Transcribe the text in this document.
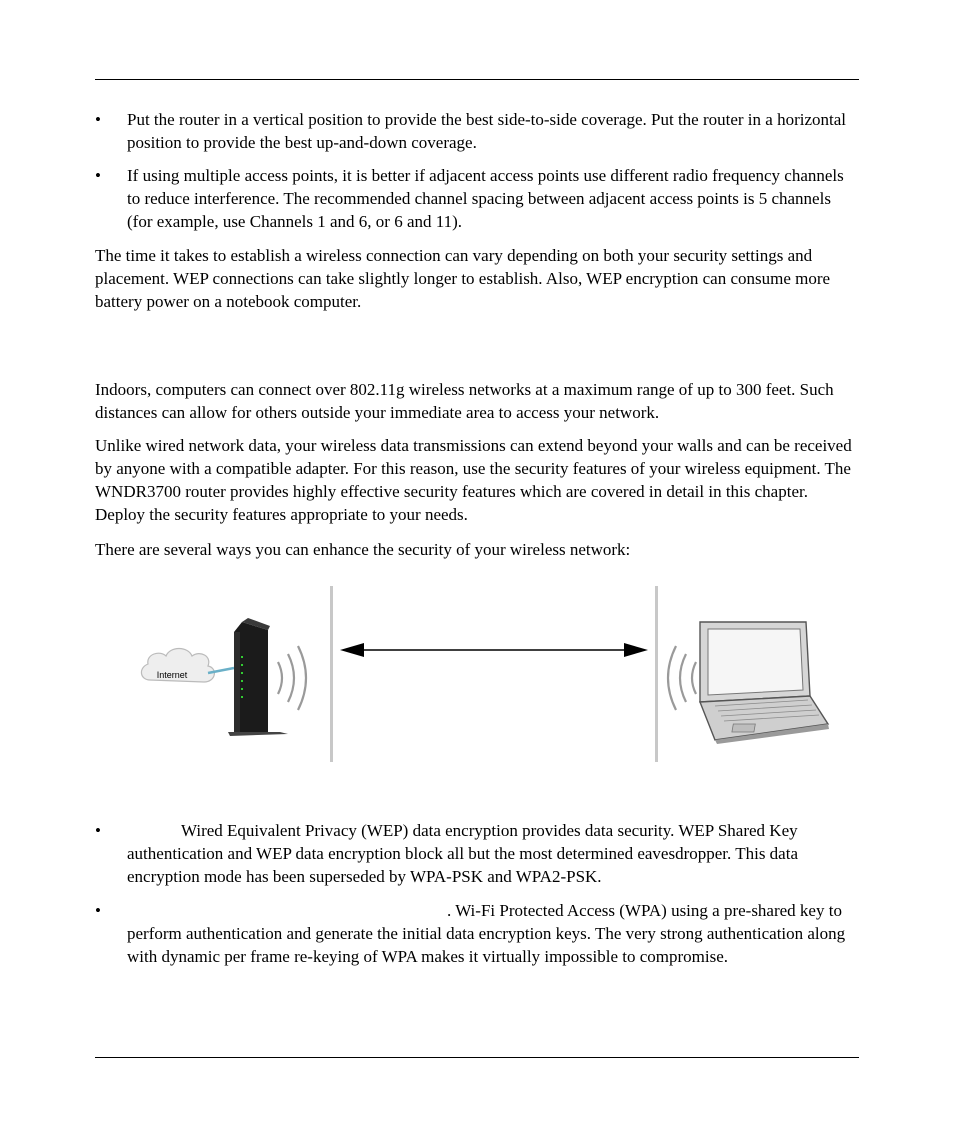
•	Put the router in a vertical position to provide the best side-to-side coverage. Put the router in a horizontal position to provide the best up-and-down coverage.
•	If using multiple access points, it is better if adjacent access points use different radio frequency channels to reduce interference. The recommended channel spacing between adjacent access points is 5 channels (for example, use Channels 1 and 6, or 6 and 11).

The time it takes to establish a wireless connection can vary depending on both your security settings and placement. WEP connections can take slightly longer to establish. Also, WEP encryption can consume more battery power on a notebook computer.

Indoors, computers can connect over 802.11g wireless networks at a maximum range of up to 300 feet. Such distances can allow for others outside your immediate area to access your network.

Unlike wired network data, your wireless data transmissions can extend beyond your walls and can be received by anyone with a compatible adapter. For this reason, use the security features of your wireless equipment. The WNDR3700 router provides highly effective security features which are covered in detail in this chapter. Deploy the security features appropriate to your needs.

There are several ways you can enhance the security of your wireless network:

Internet
•	Wired Equivalent Privacy (WEP) data encryption provides data security. WEP Shared Key authentication and WEP data encryption block all but the most determined eavesdropper. This data encryption mode has been superseded by WPA-PSK and WPA2-PSK.
•	. Wi-Fi Protected Access (WPA) using a pre-shared key to perform authentication and generate the initial data encryption keys. The very strong authentication along with dynamic per frame re-keying of WPA makes it virtually impossible to compromise.
